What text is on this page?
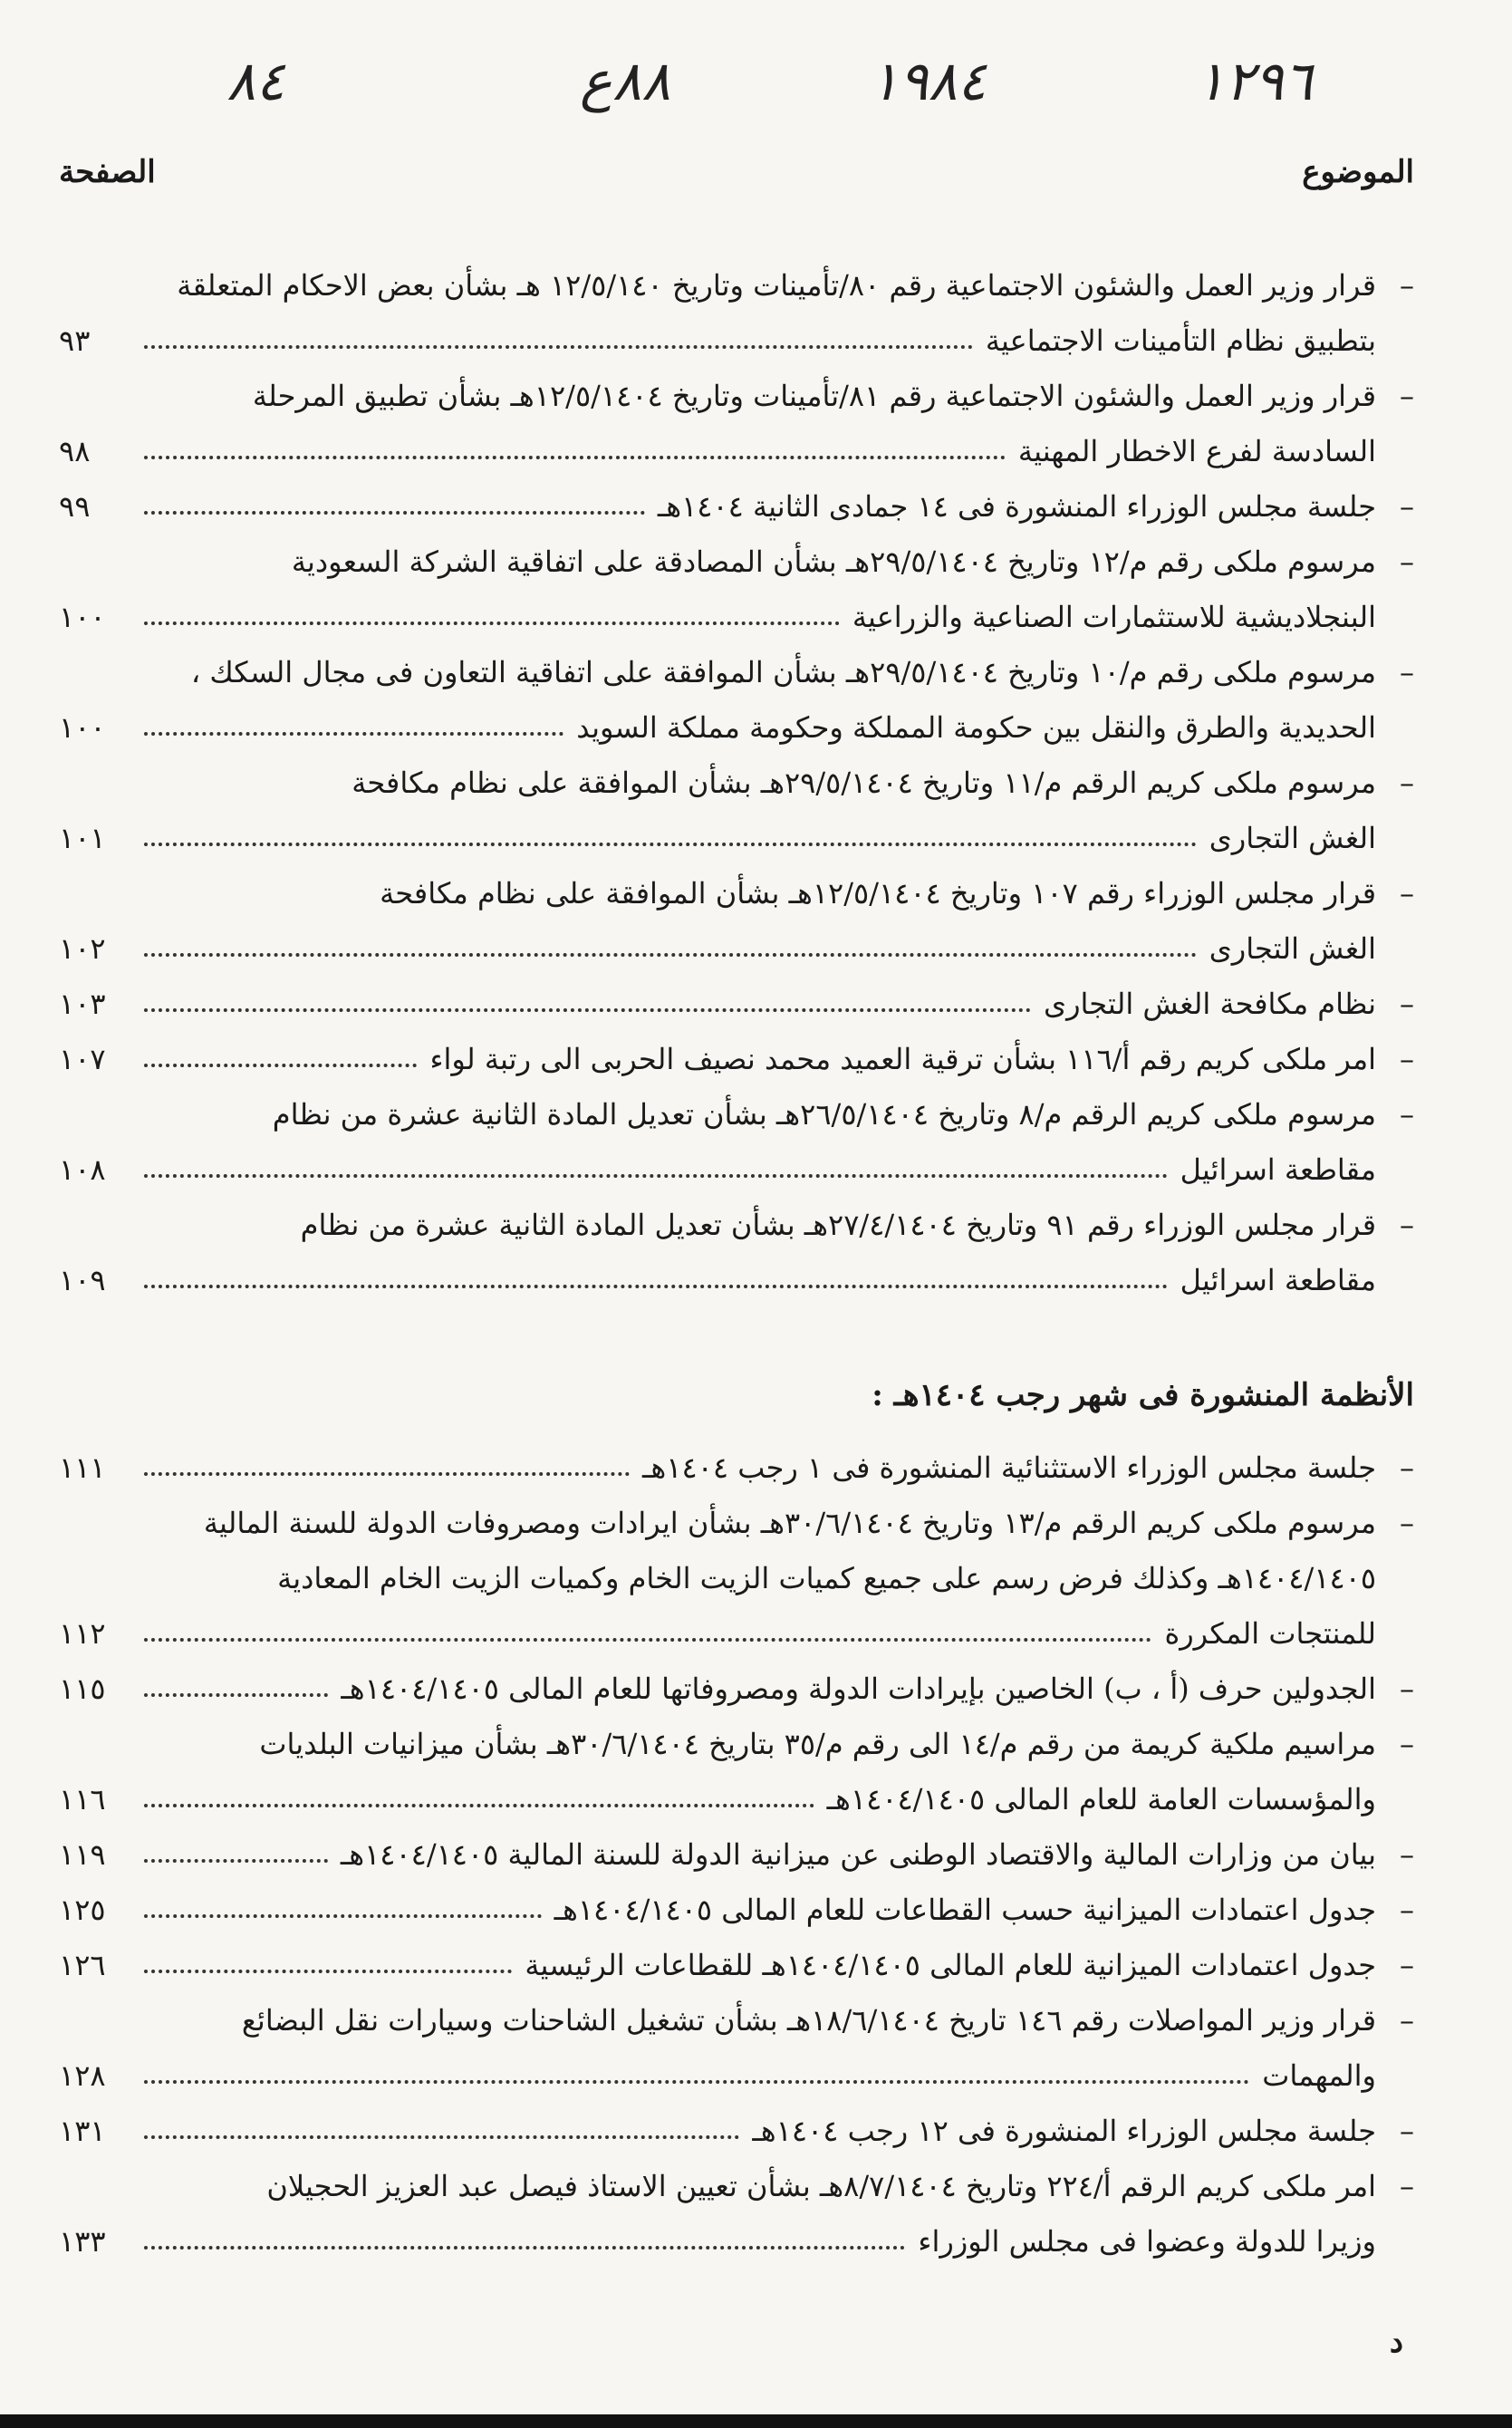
٨٤	٨٨ع	١٩٨٤	١٢٩٦
الموضوع
الصفحة
– قرار وزير العمل والشئون الاجتماعية رقم ٨٠/تأمينات وتاريخ ١٢/٥/١٤٠ هـ بشأن بعض الاحكام المتعلقة
بتطبيق نظام التأمينات الاجتماعية
٩٣
– قرار وزير العمل والشئون الاجتماعية رقم ٨١/تأمينات وتاريخ ١٢/٥/١٤٠٤هـ بشأن تطبيق المرحلة
السادسة لفرع الاخطار المهنية
٩٨
– جلسة مجلس الوزراء المنشورة فى ١٤ جمادى الثانية ١٤٠٤هـ
٩٩
– مرسوم ملكى رقم م/١٢ وتاريخ ٢٩/٥/١٤٠٤هـ بشأن المصادقة على اتفاقية الشركة السعودية
البنجلاديشية للاستثمارات الصناعية والزراعية
١٠٠
– مرسوم ملكى رقم م/١٠ وتاريخ ٢٩/٥/١٤٠٤هـ بشأن الموافقة على اتفاقية التعاون فى مجال السكك ،
الحديدية والطرق والنقل بين حكومة المملكة وحكومة مملكة السويد
١٠٠
– مرسوم ملكى كريم الرقم م/١١ وتاريخ ٢٩/٥/١٤٠٤هـ بشأن الموافقة على نظام مكافحة
الغش التجارى
١٠١
– قرار مجلس الوزراء رقم ١٠٧ وتاريخ ١٢/٥/١٤٠٤هـ بشأن الموافقة على نظام مكافحة
الغش التجارى
١٠٢
– نظام مكافحة الغش التجارى
١٠٣
– امر ملكى كريم رقم أ/١١٦ بشأن ترقية العميد محمد نصيف الحربى الى رتبة لواء
١٠٧
– مرسوم ملكى كريم الرقم م/٨ وتاريخ ٢٦/٥/١٤٠٤هـ بشأن تعديل المادة الثانية عشرة من نظام
مقاطعة اسرائيل
١٠٨
– قرار مجلس الوزراء رقم ٩١ وتاريخ ٢٧/٤/١٤٠٤هـ بشأن تعديل المادة الثانية عشرة من نظام
مقاطعة اسرائيل
١٠٩
الأنظمة المنشورة فى شهر رجب ١٤٠٤هـ :
– جلسة مجلس الوزراء الاستثنائية المنشورة فى ١ رجب ١٤٠٤هـ
١١١
– مرسوم ملكى كريم الرقم م/١٣ وتاريخ ٣٠/٦/١٤٠٤هـ بشأن ايرادات ومصروفات الدولة للسنة المالية
١٤٠٤/١٤٠٥هـ وكذلك فرض رسم على جميع كميات الزيت الخام وكميات الزيت الخام المعادية
للمنتجات المكررة
١١٢
– الجدولين حرف (أ ، ب) الخاصين بإيرادات الدولة ومصروفاتها للعام المالى ١٤٠٤/١٤٠٥هـ
١١٥
– مراسيم ملكية كريمة من رقم م/١٤ الى رقم م/٣٥ بتاريخ ٣٠/٦/١٤٠٤هـ بشأن ميزانيات البلديات
والمؤسسات العامة للعام المالى ١٤٠٤/١٤٠٥هـ
١١٦
– بيان من وزارات المالية والاقتصاد الوطنى عن ميزانية الدولة للسنة المالية ١٤٠٤/١٤٠٥هـ
١١٩
– جدول اعتمادات الميزانية حسب القطاعات للعام المالى ١٤٠٤/١٤٠٥هـ
١٢٥
– جدول اعتمادات الميزانية للعام المالى ١٤٠٤/١٤٠٥هـ للقطاعات الرئيسية
١٢٦
– قرار وزير المواصلات رقم ١٤٦ تاريخ ١٨/٦/١٤٠٤هـ بشأن تشغيل الشاحنات وسيارات نقل البضائع
والمهمات
١٢٨
– جلسة مجلس الوزراء المنشورة فى ١٢ رجب ١٤٠٤هـ
١٣١
– امر ملكى كريم الرقم أ/٢٢٤ وتاريخ ٨/٧/١٤٠٤هـ بشأن تعيين الاستاذ فيصل عبد العزيز الحجيلان
وزيرا للدولة وعضوا فى مجلس الوزراء
١٣٣
د
